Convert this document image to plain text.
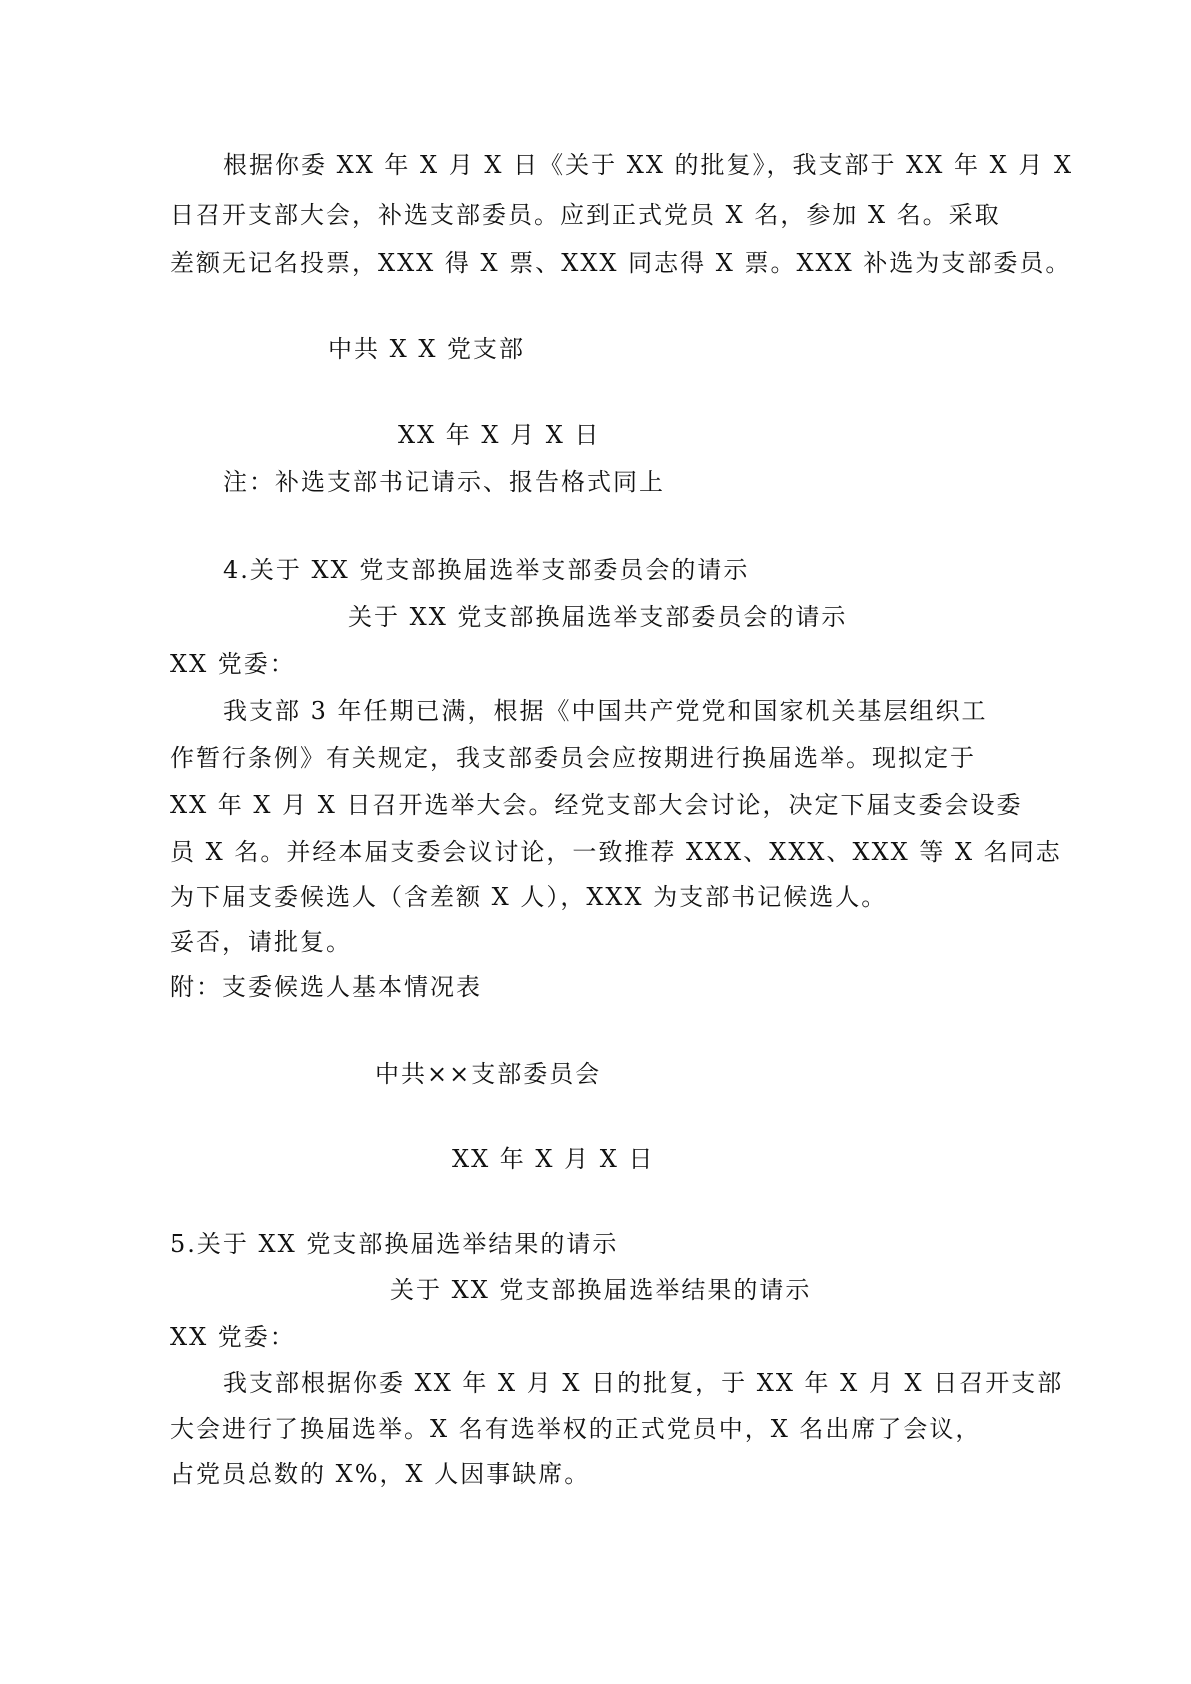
根据你委 XX 年 X 月 X 日《关于 XX 的批复》，我支部于 XX 年 X 月 X
日召开支部大会，补选支部委员。应到正式党员 X 名，参加 X 名。采取
差额无记名投票，XXX 得 X 票、XXX 同志得 X 票。XXX 补选为支部委员。
中共 X X 党支部
XX 年 X 月 X 日
注：补选支部书记请示、报告格式同上
4.关于 XX 党支部换届选举支部委员会的请示
关于 XX 党支部换届选举支部委员会的请示
XX 党委：
我支部 3 年任期已满，根据《中国共产党党和国家机关基层组织工
作暂行条例》有关规定，我支部委员会应按期进行换届选举。现拟定于
XX 年 X 月 X 日召开选举大会。经党支部大会讨论，决定下届支委会设委
员 X 名。并经本届支委会议讨论，一致推荐 XXX、XXX、XXX 等 X 名同志
为下届支委候选人（含差额 X 人），XXX 为支部书记候选人。
妥否，请批复。
附：支委候选人基本情况表
中共××支部委员会
XX 年 X 月 X 日
5.关于 XX 党支部换届选举结果的请示
关于 XX 党支部换届选举结果的请示
XX 党委：
我支部根据你委 XX 年 X 月 X 日的批复，于 XX 年 X 月 X 日召开支部
大会进行了换届选举。X 名有选举权的正式党员中，X 名出席了会议，
占党员总数的 X%，X 人因事缺席。
